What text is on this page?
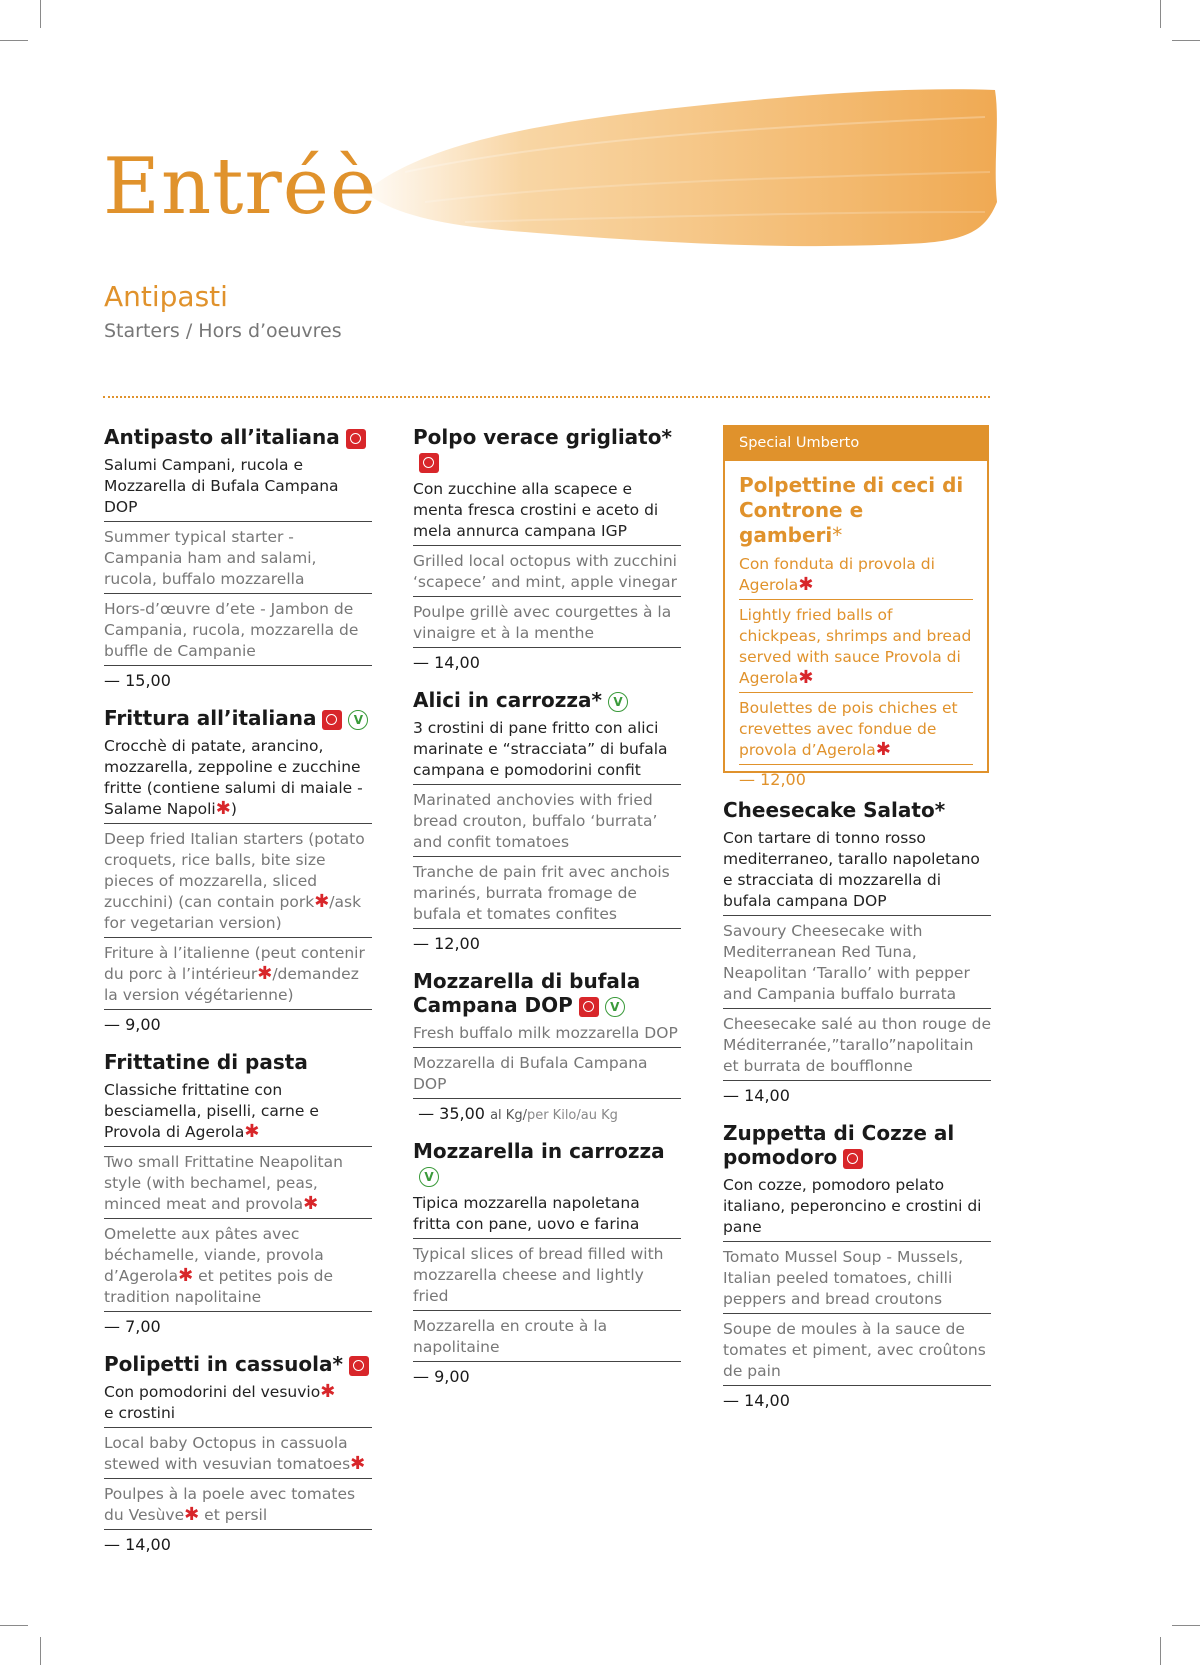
Entréè
Antipasti
Starters / Hors d’oeuvres
Antipasto all’italiana
Salumi Campani, rucola e Mozzarella di Bufala Campana DOP
Summer typical starter - Campania ham and salami, rucola, buffalo mozzarella
Hors-d’œuvre d’ete - Jambon de Campania, rucola, mozzarella de buffle de Campanie
— 15,00
Frittura all’italiana	V
Crocchè di patate, arancino, mozzarella, zeppoline e zucchine fritte (contiene salumi di maiale - Salame Napoli✱)
Deep fried Italian starters (potato croquets, rice balls, bite size pieces of mozzarella, sliced zucchini) (can contain pork✱/ask for vegetarian version)
Friture à l’italienne (peut contenir du porc à l’intérieur✱/demandez la version végétarienne)
— 9,00
Frittatine di pasta
Classiche frittatine con besciamella, piselli, carne e Provola di Agerola✱
Two small Frittatine Neapolitan style (with bechamel, peas, minced meat and provola✱
Omelette aux pâtes avec béchamelle, viande, provola d’Agerola✱ et petites pois de tradition napolitaine
— 7,00
Polipetti in cassuola*
Con pomodorini del vesuvio✱
e crostini
Local baby Octopus in cassuola stewed with vesuvian tomatoes✱
Poulpes à la poele avec tomates du Vesùve✱ et persil
— 14,00
Polpo verace grigliato*
Con zucchine alla scapece e menta fresca crostini e aceto di mela annurca campana IGP
Grilled local octopus with zucchini ‘scapece’ and mint, apple vinegar
Poulpe grillè avec courgettes à la vinaigre et à la menthe
— 14,00
Alici in carrozza* V
3 crostini di pane fritto con alici marinate e “stracciata” di bufala campana e pomodorini confit
Marinated anchovies with fried bread crouton, buffalo ‘burrata’ and confit tomatoes
Tranche de pain frit avec anchois marinés, burrata fromage de bufala et tomates confites
— 12,00
Mozzarella di bufala Campana DOP	V
Fresh buffalo milk mozzarella DOP
Mozzarella di Bufala Campana DOP
— 35,00 al Kg/per Kilo/au Kg
Mozzarella in carrozzaV
Tipica mozzarella napoletana fritta con pane, uovo e farina
Typical slices of bread filled with mozzarella cheese and lightly fried
Mozzarella en croute à la napolitaine
— 9,00
Special Umberto
Polpettine di ceci di Controne e gamberi*
Con fonduta di provola di Agerola✱
Lightly fried balls of chickpeas, shrimps and bread served with sauce Provola di Agerola✱
Boulettes de pois chiches et crevettes avec fondue de provola d’Agerola✱
— 12,00
Cheesecake Salato*
Con tartare di tonno rosso mediterraneo, tarallo napoletano e stracciata di mozzarella di bufala campana DOP
Savoury Cheesecake with Mediterranean Red Tuna, Neapolitan ‘Tarallo’ with pepper and Campania buffalo burrata
Cheesecake salé au thon rouge de Méditerranée,”tarallo”napolitain et burrata de boufflonne
— 14,00
Zuppetta di Cozze al pomodoro
Con cozze, pomodoro pelato italiano, peperoncino e crostini di pane
Tomato Mussel Soup - Mussels, Italian peeled tomatoes, chilli peppers and bread croutons
Soupe de moules à la sauce de tomates et piment, avec croûtons de pain
— 14,00
